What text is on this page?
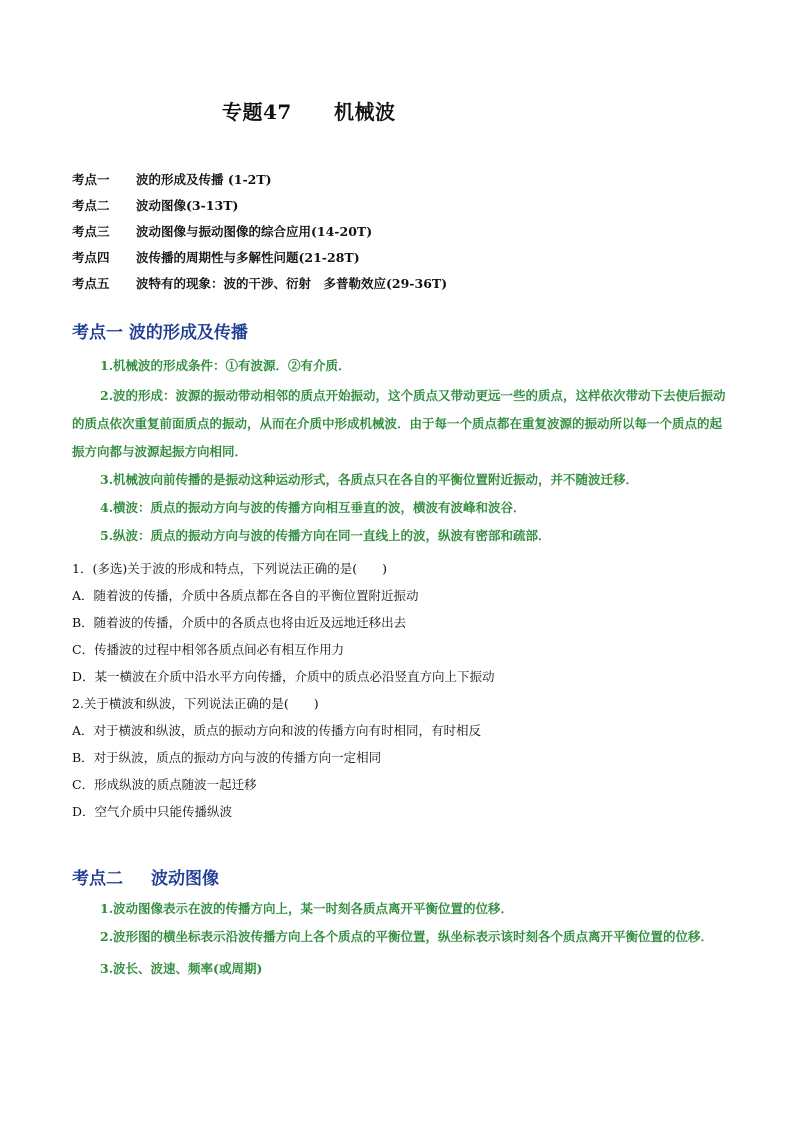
专题47 机械波
考点一 波的形成及传播 (1-2T)
考点二 波动图像(3-13T)
考点三 波动图像与振动图像的综合应用(14-20T)
考点四 波传播的周期性与多解性问题(21-28T)
考点五 波特有的现象：波的干涉、衍射　多普勒效应(29-36T)
考点一 波的形成及传播
1.机械波的形成条件：①有波源．②有介质．
2.波的形成：波源的振动带动相邻的质点开始振动，这个质点又带动更远一些的质点，这样依次带动下去使后振动的质点依次重复前面质点的振动，从而在介质中形成机械波．由于每一个质点都在重复波源的振动所以每一个质点的起振方向都与波源起振方向相同．
3.机械波向前传播的是振动这种运动形式，各质点只在各自的平衡位置附近振动，并不随波迁移．
4.横波：质点的振动方向与波的传播方向相互垂直的波，横波有波峰和波谷．
5.纵波：质点的振动方向与波的传播方向在同一直线上的波，纵波有密部和疏部．
1．(多选)关于波的形成和特点，下列说法正确的是(　　)
A．随着波的传播，介质中各质点都在各自的平衡位置附近振动
B．随着波的传播，介质中的各质点也将由近及远地迁移出去
C．传播波的过程中相邻各质点间必有相互作用力
D．某一横波在介质中沿水平方向传播，介质中的质点必沿竖直方向上下振动
2.关于横波和纵波，下列说法正确的是(　　)
A．对于横波和纵波，质点的振动方向和波的传播方向有时相同，有时相反
B．对于纵波，质点的振动方向与波的传播方向一定相同
C．形成纵波的质点随波一起迁移
D．空气介质中只能传播纵波
考点二 波动图像
1.波动图像表示在波的传播方向上，某一时刻各质点离开平衡位置的位移．
2.波形图的横坐标表示沿波传播方向上各个质点的平衡位置，纵坐标表示该时刻各个质点离开平衡位置的位移．
3.波长、波速、频率(或周期)
